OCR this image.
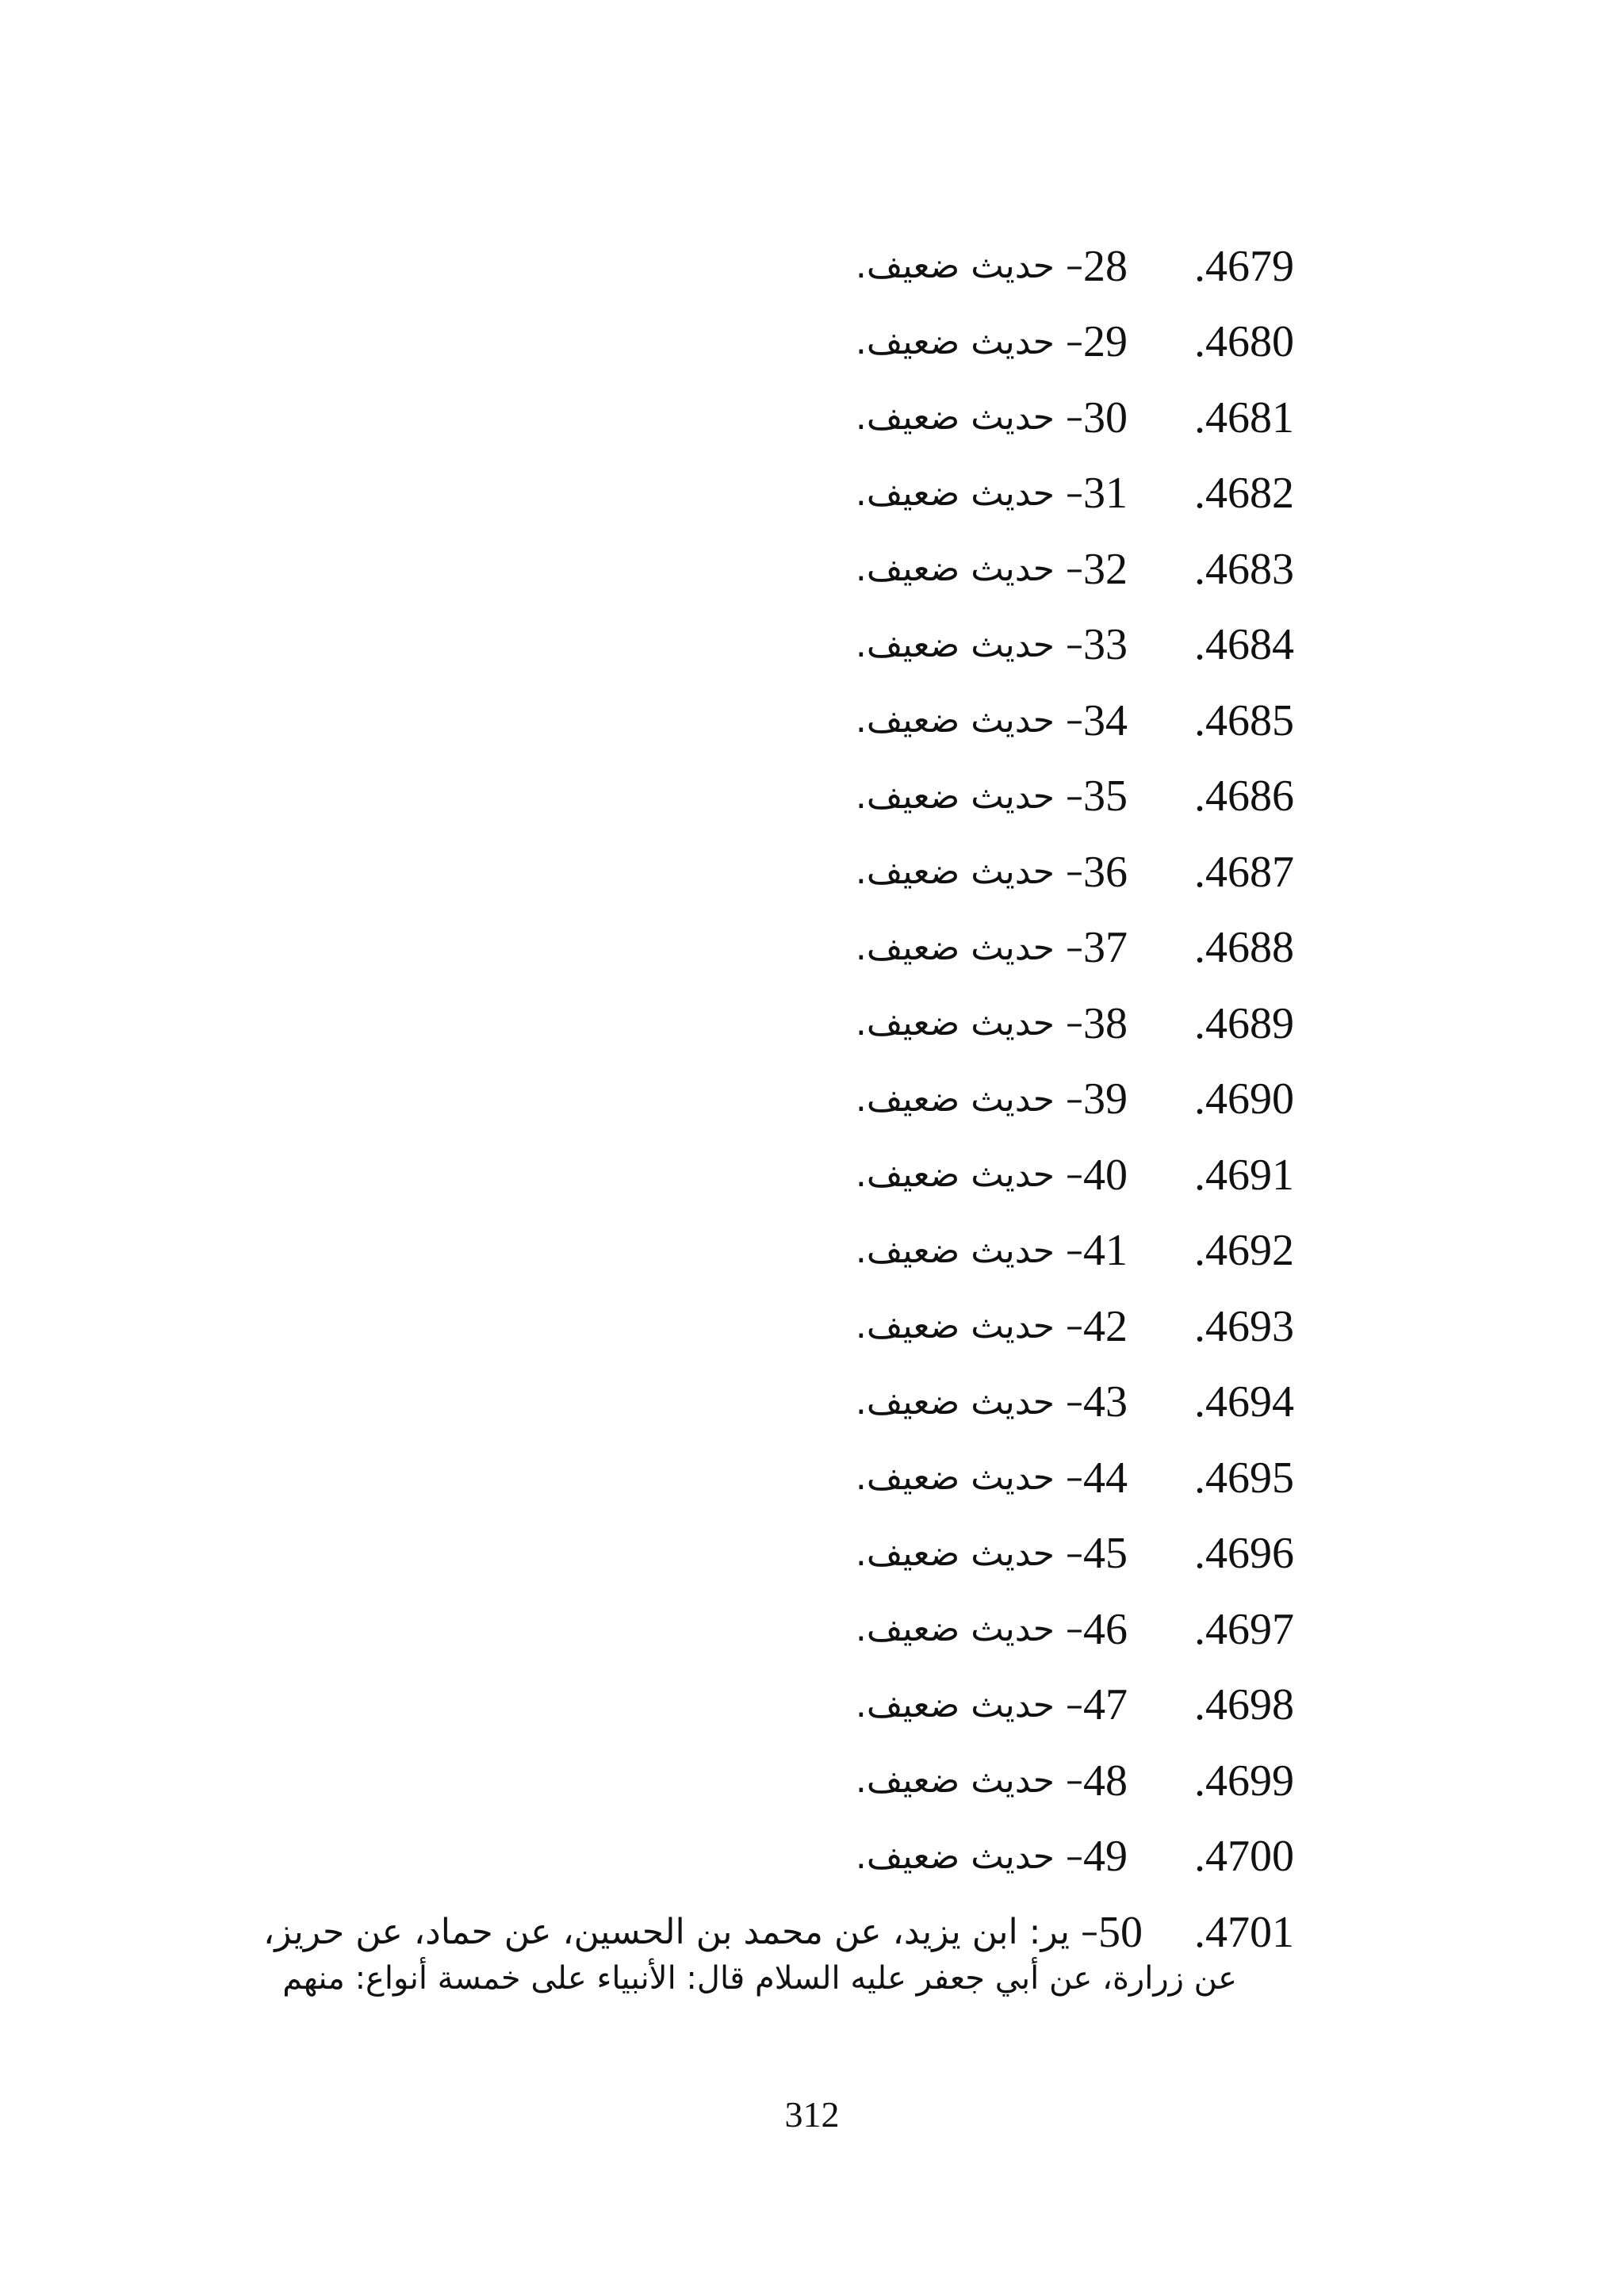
4679.
28
– حديث ضعيف.
4680.
29
– حديث ضعيف.
4681.
30
– حديث ضعيف.
4682.
31
– حديث ضعيف.
4683.
32
– حديث ضعيف.
4684.
33
– حديث ضعيف.
4685.
34
– حديث ضعيف.
4686.
35
– حديث ضعيف.
4687.
36
– حديث ضعيف.
4688.
37
– حديث ضعيف.
4689.
38
– حديث ضعيف.
4690.
39
– حديث ضعيف.
4691.
40
– حديث ضعيف.
4692.
41
– حديث ضعيف.
4693.
42
– حديث ضعيف.
4694.
43
– حديث ضعيف.
4695.
44
– حديث ضعيف.
4696.
45
– حديث ضعيف.
4697.
46
– حديث ضعيف.
4698.
47
– حديث ضعيف.
4699.
48
– حديث ضعيف.
4700.
49
– حديث ضعيف.
4701.
50
– ير: ابن يزيد، عن محمد بن الحسين، عن حماد، عن حريز،
عن زرارة، عن أبي جعفر عليه السلام قال: الأنبياء على خمسة أنواع: منهم
312
